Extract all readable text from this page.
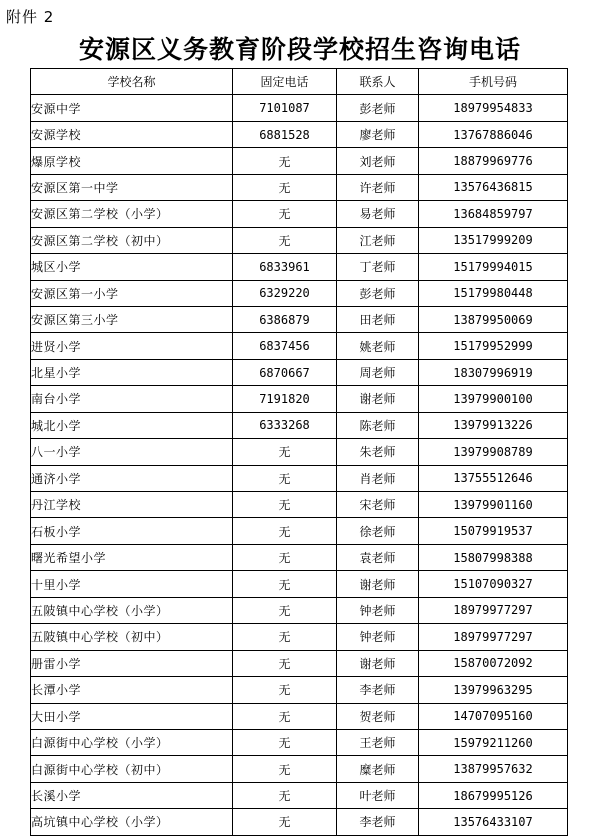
附件 2
安源区义务教育阶段学校招生咨询电话
学校名称	固定电话	联系人	手机号码
安源中学	7101087	彭老师	18979954833
安源学校	6881528	廖老师	13767886046
爆原学校	无	刘老师	18879969776
安源区第一中学	无	许老师	13576436815
安源区第二学校（小学）	无	易老师	13684859797
安源区第二学校（初中）	无	江老师	13517999209
城区小学	6833961	丁老师	15179994015
安源区第一小学	6329220	彭老师	15179980448
安源区第三小学	6386879	田老师	13879950069
进贤小学	6837456	姚老师	15179952999
北星小学	6870667	周老师	18307996919
南台小学	7191820	谢老师	13979900100
城北小学	6333268	陈老师	13979913226
八一小学	无	朱老师	13979908789
通济小学	无	肖老师	13755512646
丹江学校	无	宋老师	13979901160
石板小学	无	徐老师	15079919537
曙光希望小学	无	袁老师	15807998388
十里小学	无	谢老师	15107090327
五陂镇中心学校（小学）	无	钟老师	18979977297
五陂镇中心学校（初中）	无	钟老师	18979977297
册雷小学	无	谢老师	15870072092
长潭小学	无	李老师	13979963295
大田小学	无	贺老师	14707095160
白源街中心学校（小学）	无	王老师	15979211260
白源街中心学校（初中）	无	糜老师	13879957632
长溪小学	无	叶老师	18679995126
高坑镇中心学校（小学）	无	李老师	13576433107
